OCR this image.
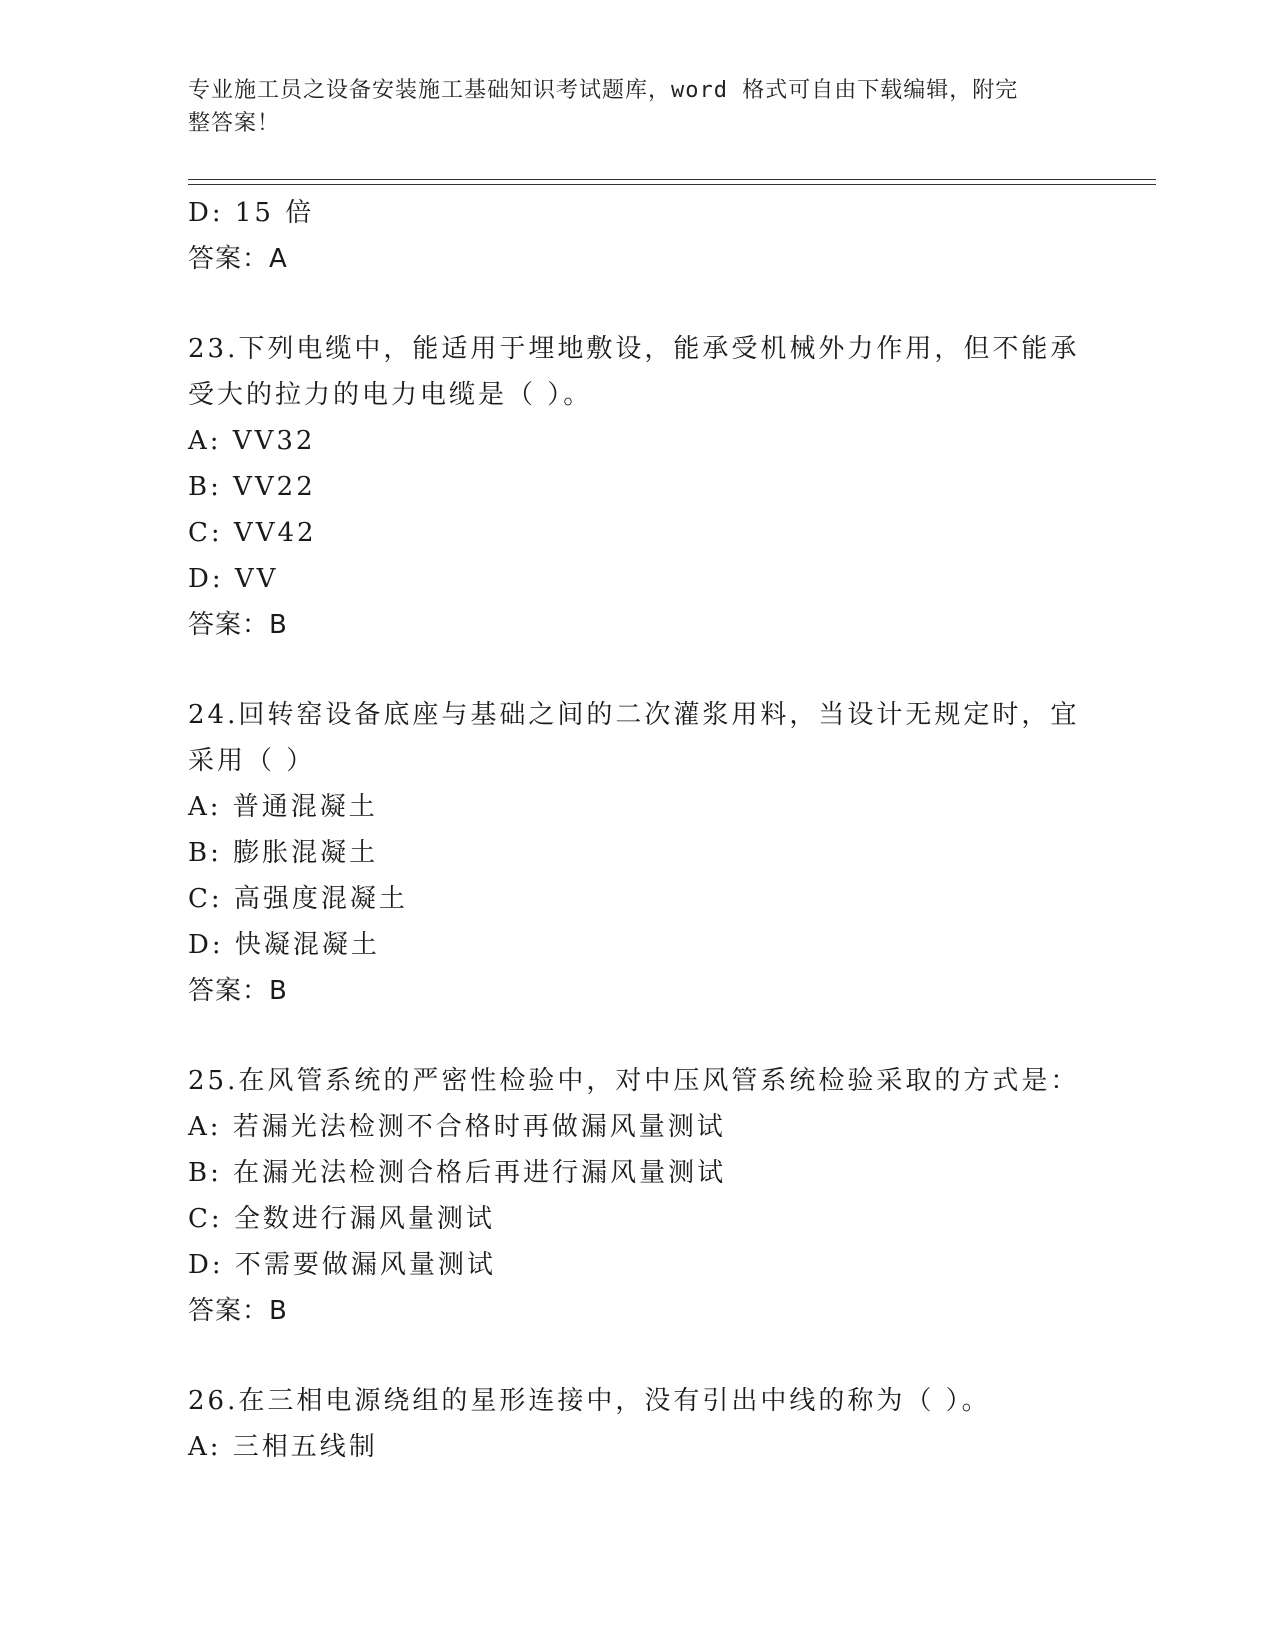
专业施工员之设备安装施工基础知识考试题库，word 格式可自由下载编辑，附完
整答案！
D: 15 倍
答案：A
23.下列电缆中，能适用于埋地敷设，能承受机械外力作用，但不能承
受大的拉力的电力电缆是（ ）。
A: VV32
B: VV22
C: VV42
D: VV
答案：B
24.回转窑设备底座与基础之间的二次灌浆用料，当设计无规定时，宜
采用（ ）
A: 普通混凝土
B: 膨胀混凝土
C: 高强度混凝土
D: 快凝混凝土
答案：B
25.在风管系统的严密性检验中，对中压风管系统检验采取的方式是：
A: 若漏光法检测不合格时再做漏风量测试
B: 在漏光法检测合格后再进行漏风量测试
C: 全数进行漏风量测试
D: 不需要做漏风量测试
答案：B
26.在三相电源绕组的星形连接中，没有引出中线的称为（ ）。
A: 三相五线制
